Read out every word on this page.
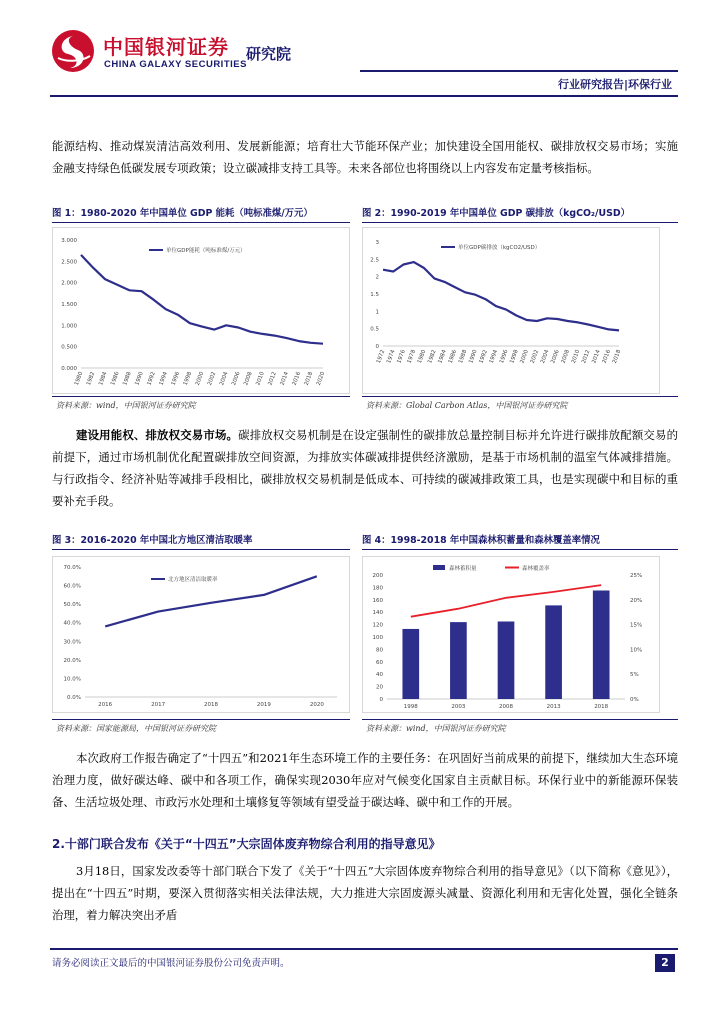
中国银河证券
CHINA GALAXY SECURITIES
研究院
行业研究报告|环保行业
能源结构、推动煤炭清洁高效利用、发展新能源；培育壮大节能环保产业；加快建设全国用能权、碳排放权交易市场；实施金融支持绿色低碳发展专项政策；设立碳减排支持工具等。未来各部位也将围绕以上内容发布定量考核指标。
图 1：1980-2020 年中国单位 GDP 能耗（吨标准煤/万元）	图 2：1990-2019 年中国单位 GDP 碳排放（kgCO₂/USD）
0.000
0.500
1.000
1.500
2.000
2.500
3.000
1980 1982 1984 1986 1988 1990 1992 1994 1996 1998 2000 2002 2004 2006 2008 2010 2012 2014 2016 2018 2020
单位GDP能耗（吨标准煤/万元）
0
0.5
1
1.5
2
2.5
3
1972 1974 1976 1978 1980 1982 1984 1986 1988 1990 1992 1994 1996 1998 2000 2002 2004 2006 2008 2010 2012 2014 2016 2018
单位GDP碳排放（kgCO2/USD）
资料来源：wind，中国银河证券研究院	资料来源：Global Carbon Atlas，中国银河证券研究院
建设用能权、排放权交易市场。碳排放权交易机制是在设定强制性的碳排放总量控制目标并允许进行碳排放配额交易的前提下，通过市场机制优化配置碳排放空间资源，为排放实体碳减排提供经济激励，是基于市场机制的温室气体减排措施。与行政指令、经济补贴等减排手段相比，碳排放权交易机制是低成本、可持续的碳减排政策工具，也是实现碳中和目标的重要补充手段。
图 3：2016-2020 年中国北方地区清洁取暖率	图 4：1998-2018 年中国森林积蓄量和森林覆盖率情况
0.0%
10.0%
20.0%
30.0%
40.0%
50.0%
60.0%
70.0%
2016	2017	2018	2019	2020
北方地区清洁取暖率
0
20
40
60
80
100
120
140
160
180
200
0%
5%
10%
15%
20%
25%
1998	2003	2008	2013	2018
森林蓄积量	森林覆盖率
资料来源：国家能源局，中国银河证券研究院	资料来源：wind，中国银河证券研究院
本次政府工作报告确定了“十四五”和2021年生态环境工作的主要任务：在巩固好当前成果的前提下，继续加大生态环境治理力度，做好碳达峰、碳中和各项工作，确保实现2030年应对气候变化国家自主贡献目标。环保行业中的新能源环保装备、生活垃圾处理、市政污水处理和土壤修复等领域有望受益于碳达峰、碳中和工作的开展。
2.十部门联合发布《关于“十四五”大宗固体废弃物综合利用的指导意见》
3月18日，国家发改委等十部门联合下发了《关于“十四五”大宗固体废弃物综合利用的指导意见》（以下简称《意见》），提出在“十四五”时期，要深入贯彻落实相关法律法规，大力推进大宗固废源头减量、资源化利用和无害化处置，强化全链条治理，着力解决突出矛盾
请务必阅读正文最后的中国银河证券股份公司免责声明。	2
